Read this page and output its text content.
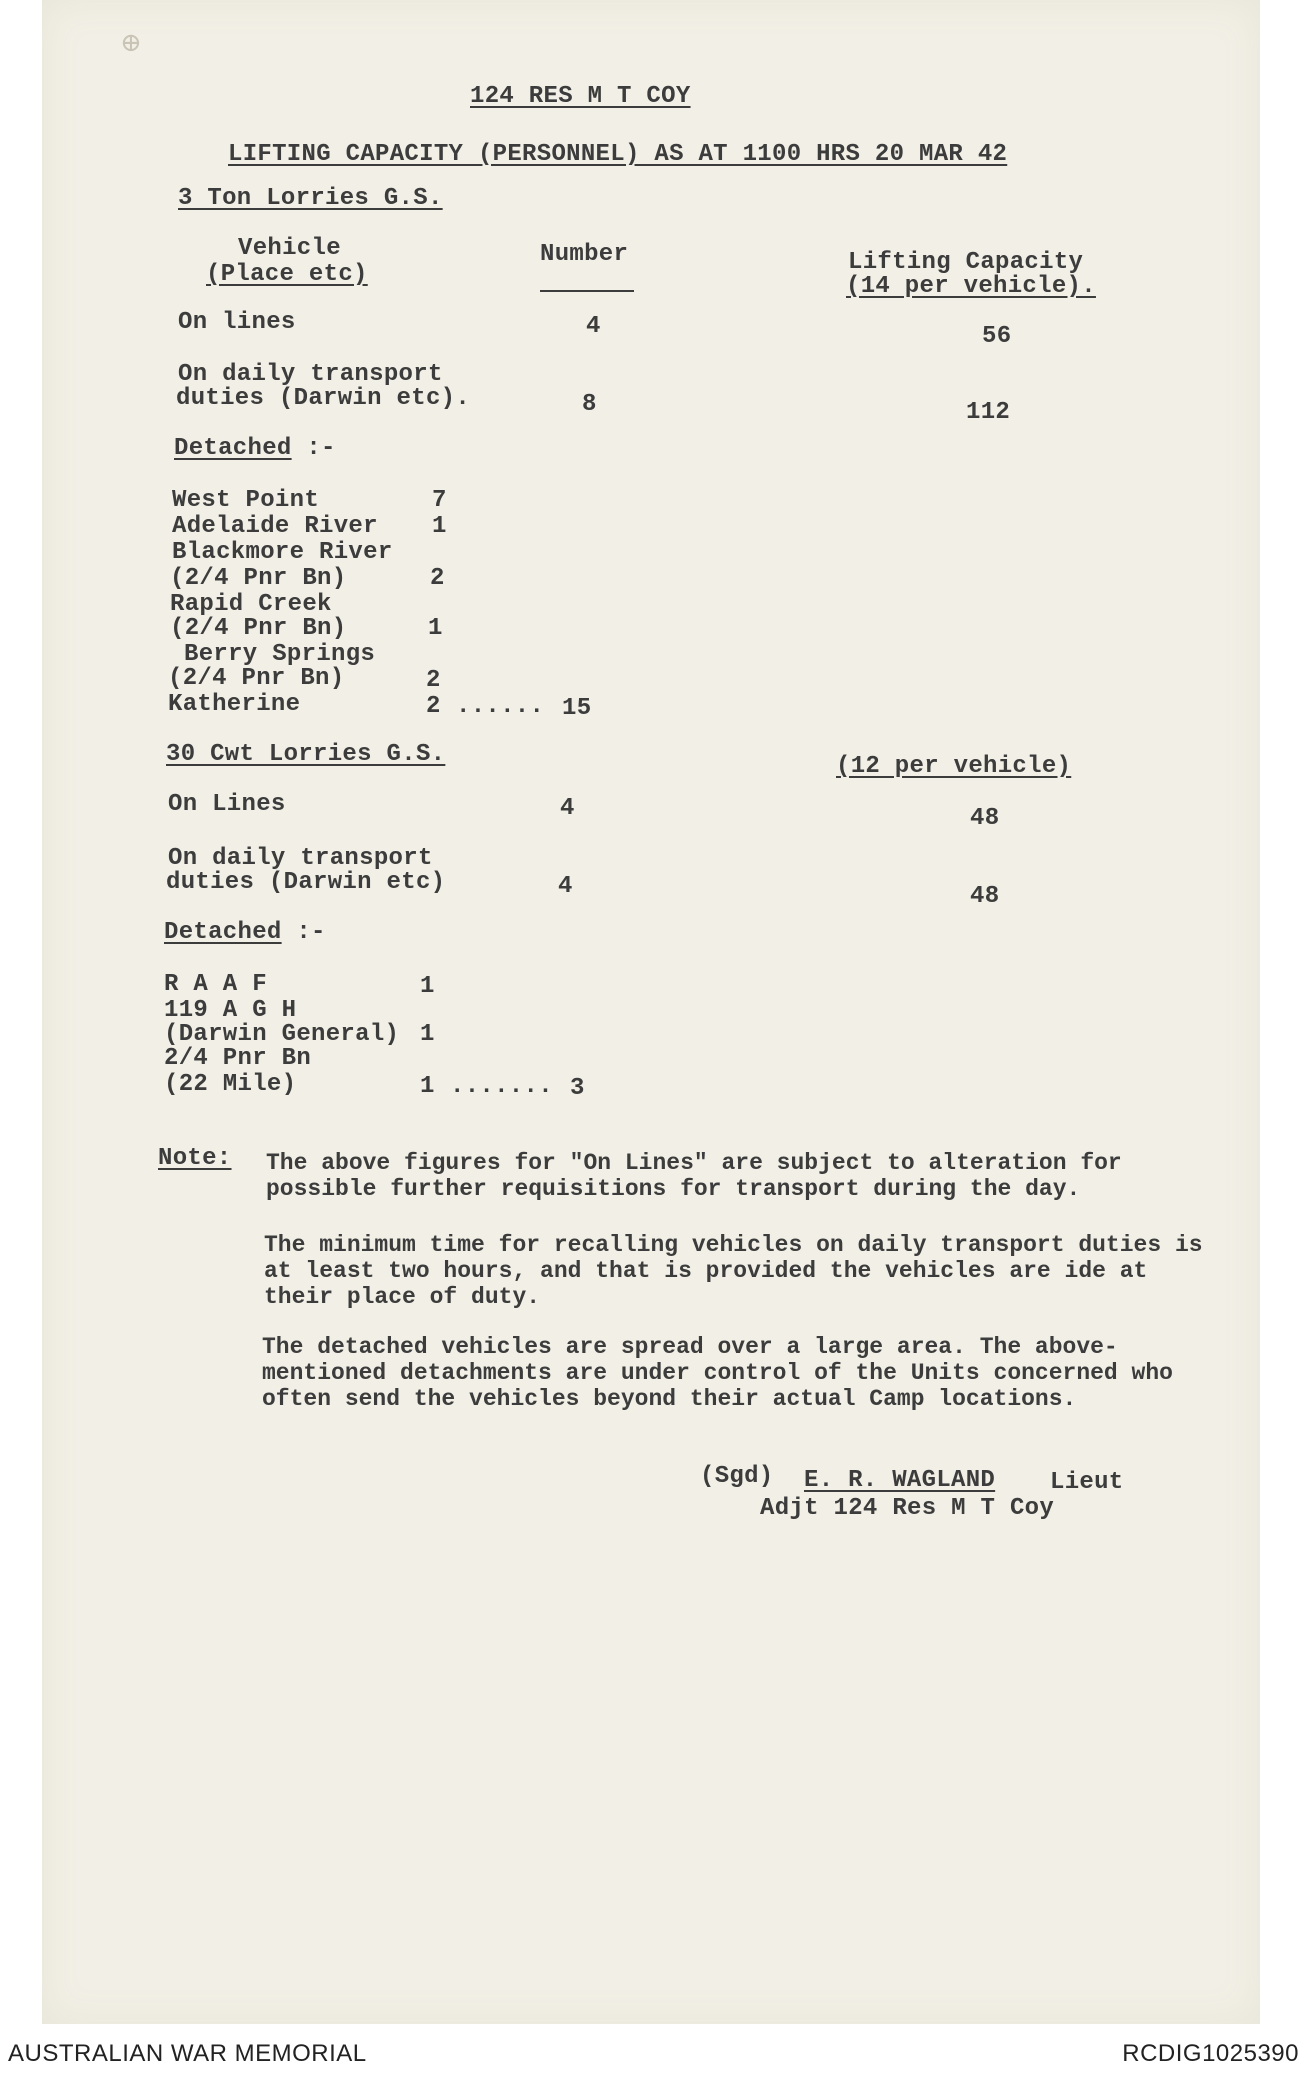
⊕
124 RES M T COY
LIFTING CAPACITY (PERSONNEL) AS AT 1100 HRS 20 MAR 42
3 Ton Lorries G.S.
Vehicle
(Place etc)
Number	Lifting Capacity
(14 per vehicle).
On lines	4	56
On daily transport
duties (Darwin etc).	8	112
Detached :-
West Point	7
Adelaide River 1
Blackmore River
(2/4 Pnr Bn)	2
Rapid Creek
(2/4 Pnr Bn)	1
Berry Springs
(2/4 Pnr Bn)	2
Katherine	2 ...... 15
30 Cwt Lorries G.S.	(12 per vehicle)
On Lines	4	48
On daily transport
duties (Darwin etc)	4	48
Detached :-
R A A F	1
119 A G H
(Darwin General) 1
2/4 Pnr Bn
(22 Mile)	1 ....... 3
Note: The above figures for "On Lines" are subject to alteration for possible further requisitions for transport during the day.
The minimum time for recalling vehicles on daily transport duties is at least two hours, and that is provided the vehicles are ide at their place of duty.
The detached vehicles are spread over a large area. The above-mentioned detachments are under control of the Units concerned who often send the vehicles beyond their actual Camp locations.
(Sgd) E. R. WAGLAND Lieut
Adjt 124 Res M T Coy
AUSTRALIAN WAR MEMORIAL	RCDIG1025390
